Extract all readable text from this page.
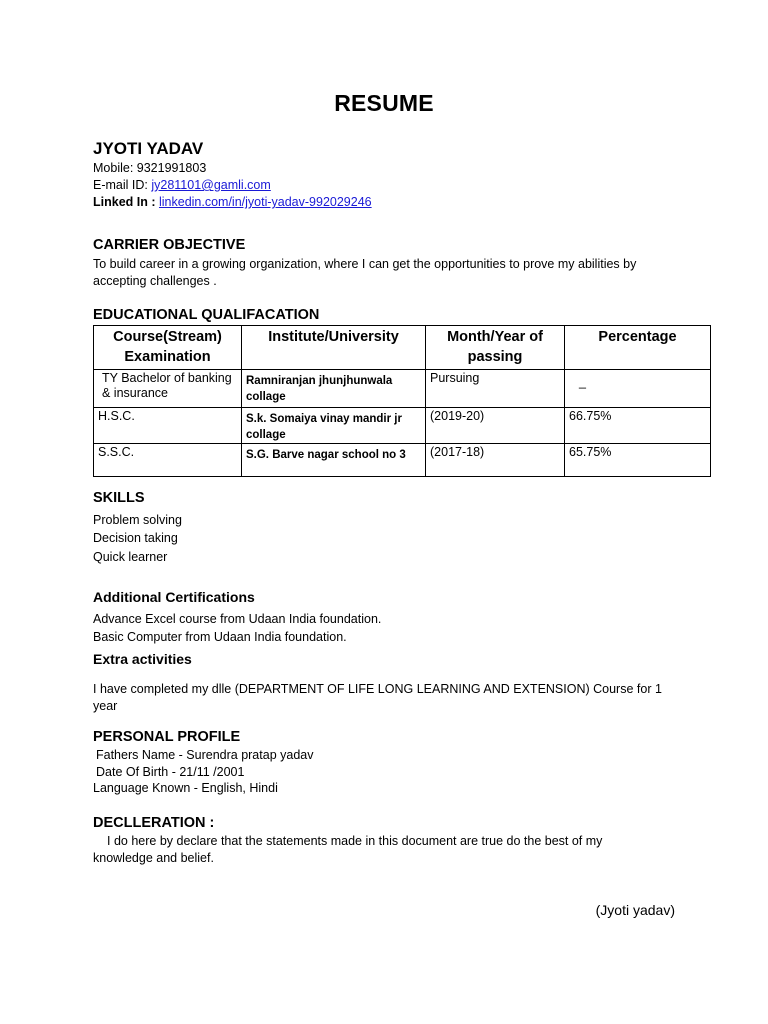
RESUME
JYOTI YADAV
Mobile: 9321991803
E-mail ID: jy281101@gamli.com
Linked In : linkedin.com/in/jyoti-yadav-992029246
CARRIER OBJECTIVE
To build career in a growing organization, where I can get the opportunities to prove my abilities by accepting challenges .
EDUCATIONAL QUALIFACATION
Course(Stream) Examination	Institute/University	Month/Year of passing	Percentage
TY Bachelor of banking & insurance	Ramniranjan jhunjhunwala collage	Pursuing	_
H.S.C.	S.k. Somaiya vinay mandir jr collage	(2019-20)	66.75%
S.S.C.	S.G. Barve nagar school no 3	(2017-18)	65.75%
SKILLS
Problem solving
Decision taking
Quick learner
Additional Certifications
Advance Excel course from Udaan India foundation.
Basic Computer from Udaan India foundation.
Extra activities
I have completed my dlle (DEPARTMENT OF LIFE LONG LEARNING AND EXTENSION) Course for 1 year
PERSONAL PROFILE
Fathers Name - Surendra pratap yadav
Date Of Birth - 21/11 /2001
Language Known - English, Hindi
DECLLERATION :
I do here by declare that the statements made in this document are true do the best of my knowledge and belief.
(Jyoti yadav)
